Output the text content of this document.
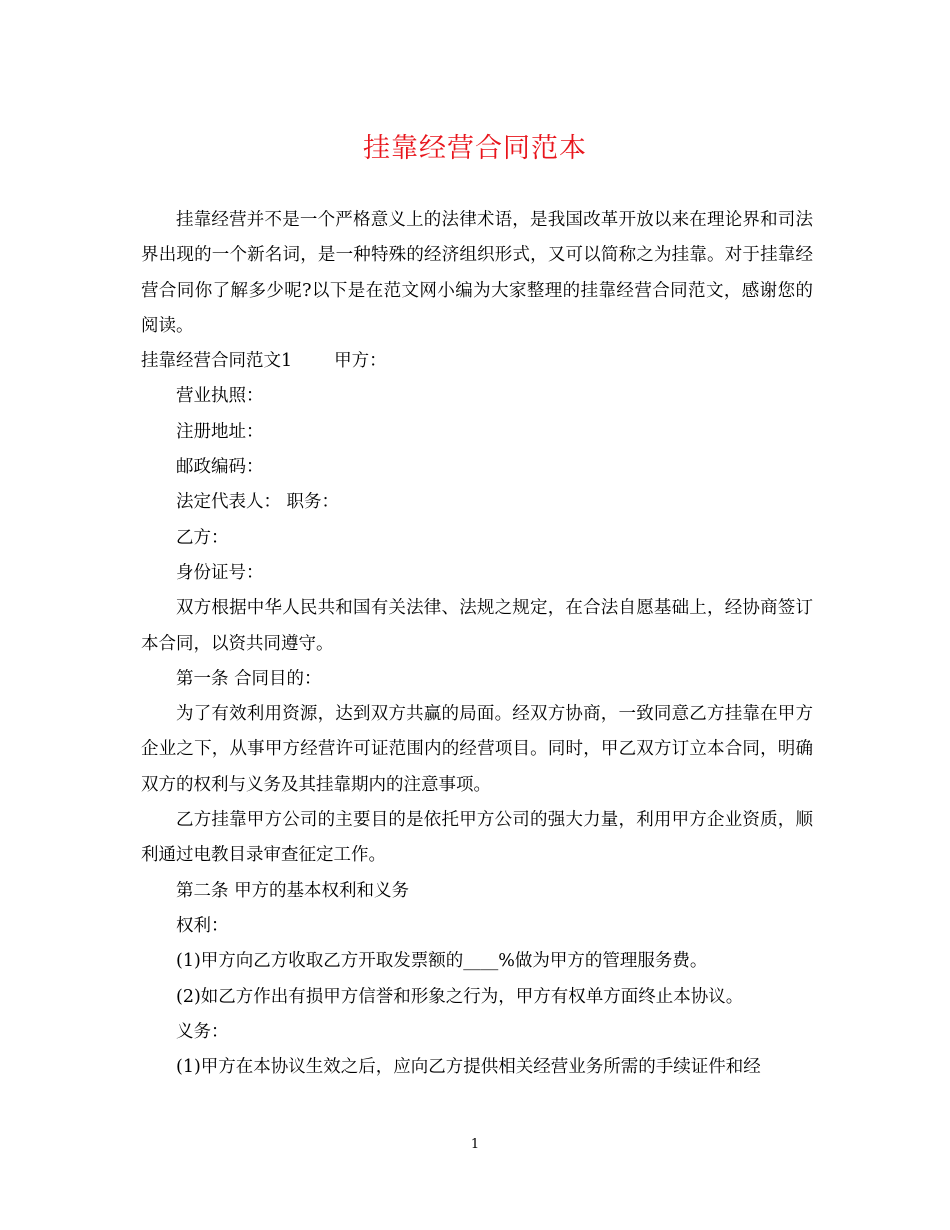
挂靠经营合同范本

挂靠经营并不是一个严格意义上的法律术语，是我国改革开放以来在理论界和司法界出现的一个新名词，是一种特殊的经济组织形式，又可以简称之为挂靠。对于挂靠经营合同你了解多少呢?以下是在范文网小编为大家整理的挂靠经营合同范文，感谢您的阅读。

挂靠经营合同范文1 甲方：

营业执照：

注册地址：

邮政编码：

法定代表人： 职务：

乙方：

身份证号：

双方根据中华人民共和国有关法律、法规之规定，在合法自愿基础上，经协商签订本合同，以资共同遵守。

第一条 合同目的：

为了有效利用资源，达到双方共赢的局面。经双方协商，一致同意乙方挂靠在甲方企业之下，从事甲方经营许可证范围内的经营项目。同时，甲乙双方订立本合同，明确双方的权利与义务及其挂靠期内的注意事项。

乙方挂靠甲方公司的主要目的是依托甲方公司的强大力量，利用甲方企业资质，顺利通过电教目录审查征定工作。

第二条 甲方的基本权利和义务

权利：

(1)甲方向乙方收取乙方开取发票额的____%做为甲方的管理服务费。

(2)如乙方作出有损甲方信誉和形象之行为，甲方有权单方面终止本协议。

义务：

(1)甲方在本协议生效之后，应向乙方提供相关经营业务所需的手续证件和经

1
